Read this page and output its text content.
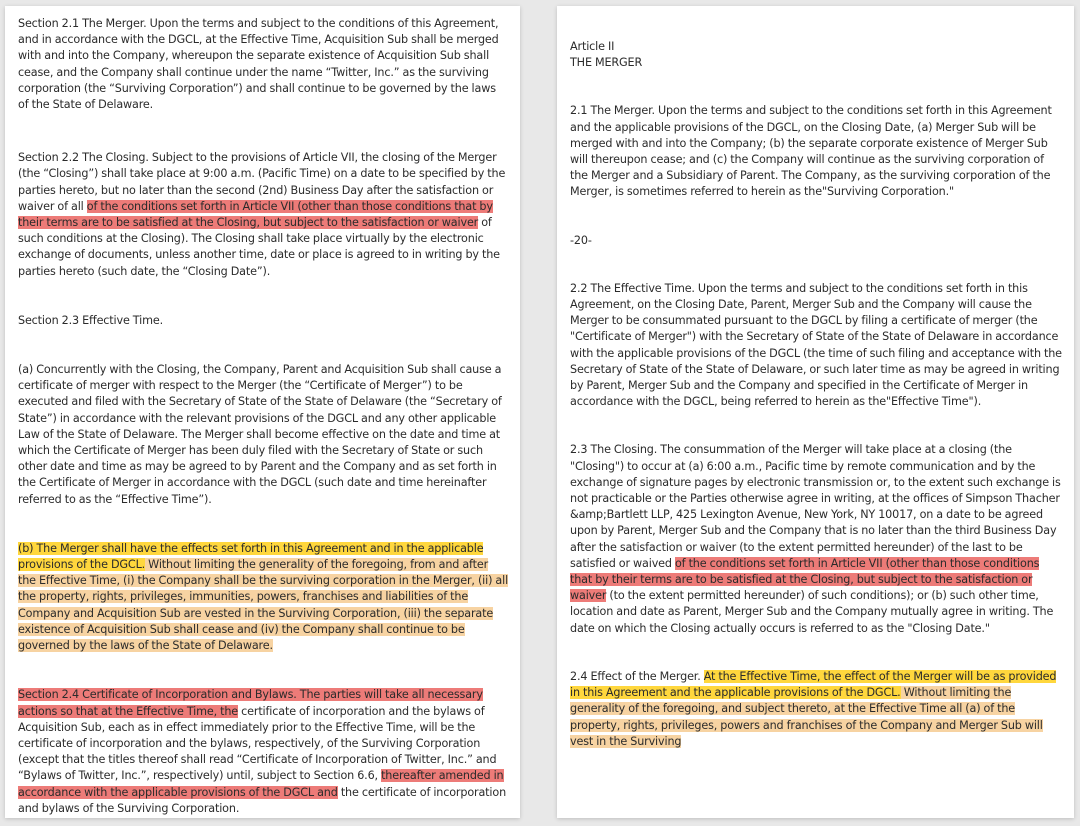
Section 2.1 The Merger. Upon the terms and subject to the conditions of this Agreement, and in accordance with the DGCL, at the Effective Time, Acquisition Sub shall be merged with and into the Company, whereupon the separate existence of Acquisition Sub shall cease, and the Company shall continue under the name “Twitter, Inc.” as the surviving corporation (the “Surviving Corporation”) and shall continue to be governed by the laws of the State of Delaware.

Section 2.2 The Closing. Subject to the provisions of Article VII, the closing of the Merger (the “Closing”) shall take place at 9:00 a.m. (Pacific Time) on a date to be specified by the parties hereto, but no later than the second (2nd) Business Day after the satisfaction or waiver of all of the conditions set forth in Article VII (other than those conditions that by their terms are to be satisfied at the Closing, but subject to the satisfaction or waiver of such conditions at the Closing). The Closing shall take place virtually by the electronic exchange of documents, unless another time, date or place is agreed to in writing by the parties hereto (such date, the “Closing Date”).

Section 2.3 Effective Time.

(a) Concurrently with the Closing, the Company, Parent and Acquisition Sub shall cause a certificate of merger with respect to the Merger (the “Certificate of Merger”) to be executed and filed with the Secretary of State of the State of Delaware (the “Secretary of State”) in accordance with the relevant provisions of the DGCL and any other applicable Law of the State of Delaware. The Merger shall become effective on the date and time at which the Certificate of Merger has been duly filed with the Secretary of State or such other date and time as may be agreed to by Parent and the Company and as set forth in the Certificate of Merger in accordance with the DGCL (such date and time hereinafter referred to as the “Effective Time”).

(b) The Merger shall have the effects set forth in this Agreement and in the applicable provisions of the DGCL. Without limiting the generality of the foregoing, from and after the Effective Time, (i) the Company shall be the surviving corporation in the Merger, (ii) all the property, rights, privileges, immunities, powers, franchises and liabilities of the Company and Acquisition Sub are vested in the Surviving Corporation, (iii) the separate existence of Acquisition Sub shall cease and (iv) the Company shall continue to be governed by the laws of the State of Delaware.

Section 2.4 Certificate of Incorporation and Bylaws. The parties will take all necessary actions so that at the Effective Time, the certificate of incorporation and the bylaws of Acquisition Sub, each as in effect immediately prior to the Effective Time, will be the certificate of incorporation and the bylaws, respectively, of the Surviving Corporation (except that the titles thereof shall read “Certificate of Incorporation of Twitter, Inc.” and “Bylaws of Twitter, Inc.”, respectively) until, subject to Section 6.6, thereafter amended in accordance with the applicable provisions of the DGCL and the certificate of incorporation and bylaws of the Surviving Corporation.

Article II
THE MERGER

2.1 The Merger. Upon the terms and subject to the conditions set forth in this Agreement and the applicable provisions of the DGCL, on the Closing Date, (a) Merger Sub will be merged with and into the Company; (b) the separate corporate existence of Merger Sub will thereupon cease; and (c) the Company will continue as the surviving corporation of the Merger and a Subsidiary of Parent. The Company, as the surviving corporation of the Merger, is sometimes referred to herein as the"Surviving Corporation."

-20-

2.2 The Effective Time. Upon the terms and subject to the conditions set forth in this Agreement, on the Closing Date, Parent, Merger Sub and the Company will cause the Merger to be consummated pursuant to the DGCL by filing a certificate of merger (the "Certificate of Merger") with the Secretary of State of the State of Delaware in accordance with the applicable provisions of the DGCL (the time of such filing and acceptance with the Secretary of State of the State of Delaware, or such later time as may be agreed in writing by Parent, Merger Sub and the Company and specified in the Certificate of Merger in accordance with the DGCL, being referred to herein as the"Effective Time").

2.3 The Closing. The consummation of the Merger will take place at a closing (the "Closing") to occur at (a) 6:00 a.m., Pacific time by remote communication and by the exchange of signature pages by electronic transmission or, to the extent such exchange is not practicable or the Parties otherwise agree in writing, at the offices of Simpson Thacher &amp;Bartlett LLP, 425 Lexington Avenue, New York, NY 10017, on a date to be agreed upon by Parent, Merger Sub and the Company that is no later than the third Business Day after the satisfaction or waiver (to the extent permitted hereunder) of the last to be satisfied or waived of the conditions set forth in Article VII (other than those conditions that by their terms are to be satisfied at the Closing, but subject to the satisfaction or waiver (to the extent permitted hereunder) of such conditions); or (b) such other time, location and date as Parent, Merger Sub and the Company mutually agree in writing. The date on which the Closing actually occurs is referred to as the "Closing Date."

2.4 Effect of the Merger. At the Effective Time, the effect of the Merger will be as provided in this Agreement and the applicable provisions of the DGCL. Without limiting the generality of the foregoing, and subject thereto, at the Effective Time all (a) of the property, rights, privileges, powers and franchises of the Company and Merger Sub will vest in the Surviving
